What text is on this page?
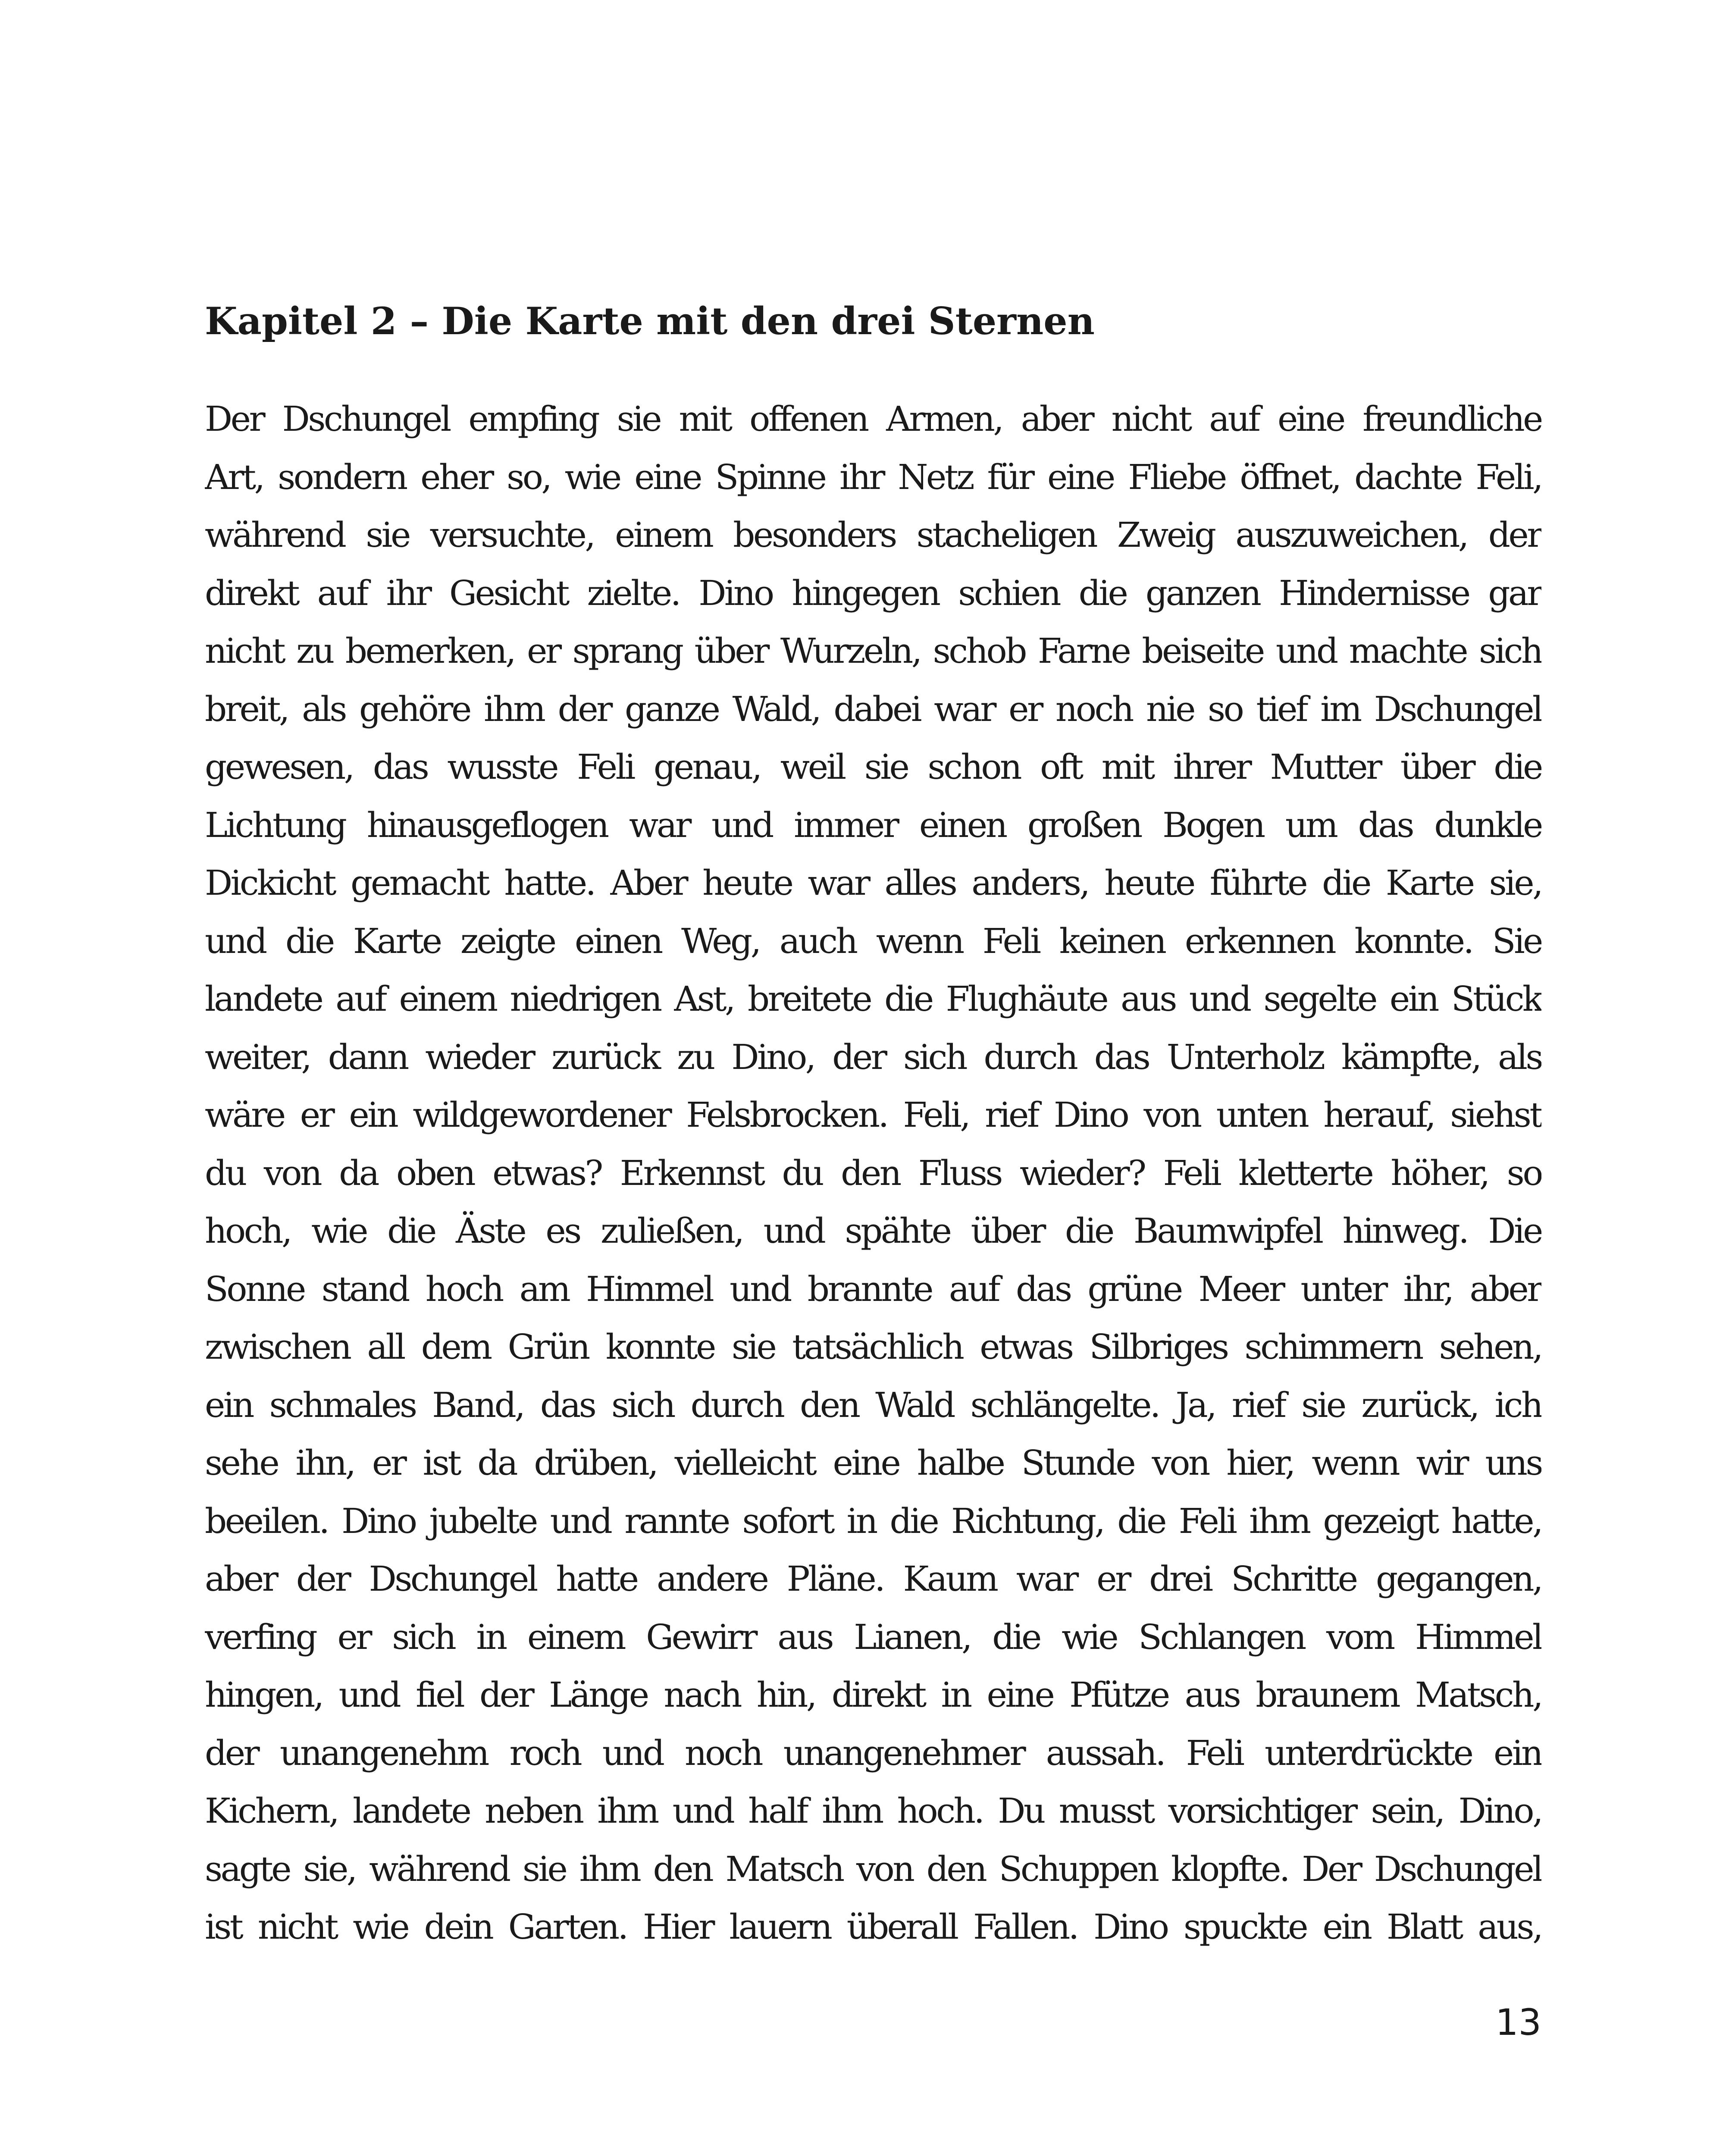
Kapitel 2 – Die Karte mit den drei Sternen
Der Dschungel empfing sie mit offenen Armen, aber nicht auf eine freundliche
Art, sondern eher so, wie eine Spinne ihr Netz für eine Fliebe öffnet, dachte Feli,
während sie versuchte, einem besonders stacheligen Zweig auszuweichen, der
direkt auf ihr Gesicht zielte. Dino hingegen schien die ganzen Hindernisse gar
nicht zu bemerken, er sprang über Wurzeln, schob Farne beiseite und machte sich
breit, als gehöre ihm der ganze Wald, dabei war er noch nie so tief im Dschungel
gewesen, das wusste Feli genau, weil sie schon oft mit ihrer Mutter über die
Lichtung hinausgeflogen war und immer einen großen Bogen um das dunkle
Dickicht gemacht hatte. Aber heute war alles anders, heute führte die Karte sie,
und die Karte zeigte einen Weg, auch wenn Feli keinen erkennen konnte. Sie
landete auf einem niedrigen Ast, breitete die Flughäute aus und segelte ein Stück
weiter, dann wieder zurück zu Dino, der sich durch das Unterholz kämpfte, als
wäre er ein wildgewordener Felsbrocken. Feli, rief Dino von unten herauf, siehst
du von da oben etwas? Erkennst du den Fluss wieder? Feli kletterte höher, so
hoch, wie die Äste es zuließen, und spähte über die Baumwipfel hinweg. Die
Sonne stand hoch am Himmel und brannte auf das grüne Meer unter ihr, aber
zwischen all dem Grün konnte sie tatsächlich etwas Silbriges schimmern sehen,
ein schmales Band, das sich durch den Wald schlängelte. Ja, rief sie zurück, ich
sehe ihn, er ist da drüben, vielleicht eine halbe Stunde von hier, wenn wir uns
beeilen. Dino jubelte und rannte sofort in die Richtung, die Feli ihm gezeigt hatte,
aber der Dschungel hatte andere Pläne. Kaum war er drei Schritte gegangen,
verfing er sich in einem Gewirr aus Lianen, die wie Schlangen vom Himmel
hingen, und fiel der Länge nach hin, direkt in eine Pfütze aus braunem Matsch,
der unangenehm roch und noch unangenehmer aussah. Feli unterdrückte ein
Kichern, landete neben ihm und half ihm hoch. Du musst vorsichtiger sein, Dino,
sagte sie, während sie ihm den Matsch von den Schuppen klopfte. Der Dschungel
ist nicht wie dein Garten. Hier lauern überall Fallen. Dino spuckte ein Blatt aus,

13
